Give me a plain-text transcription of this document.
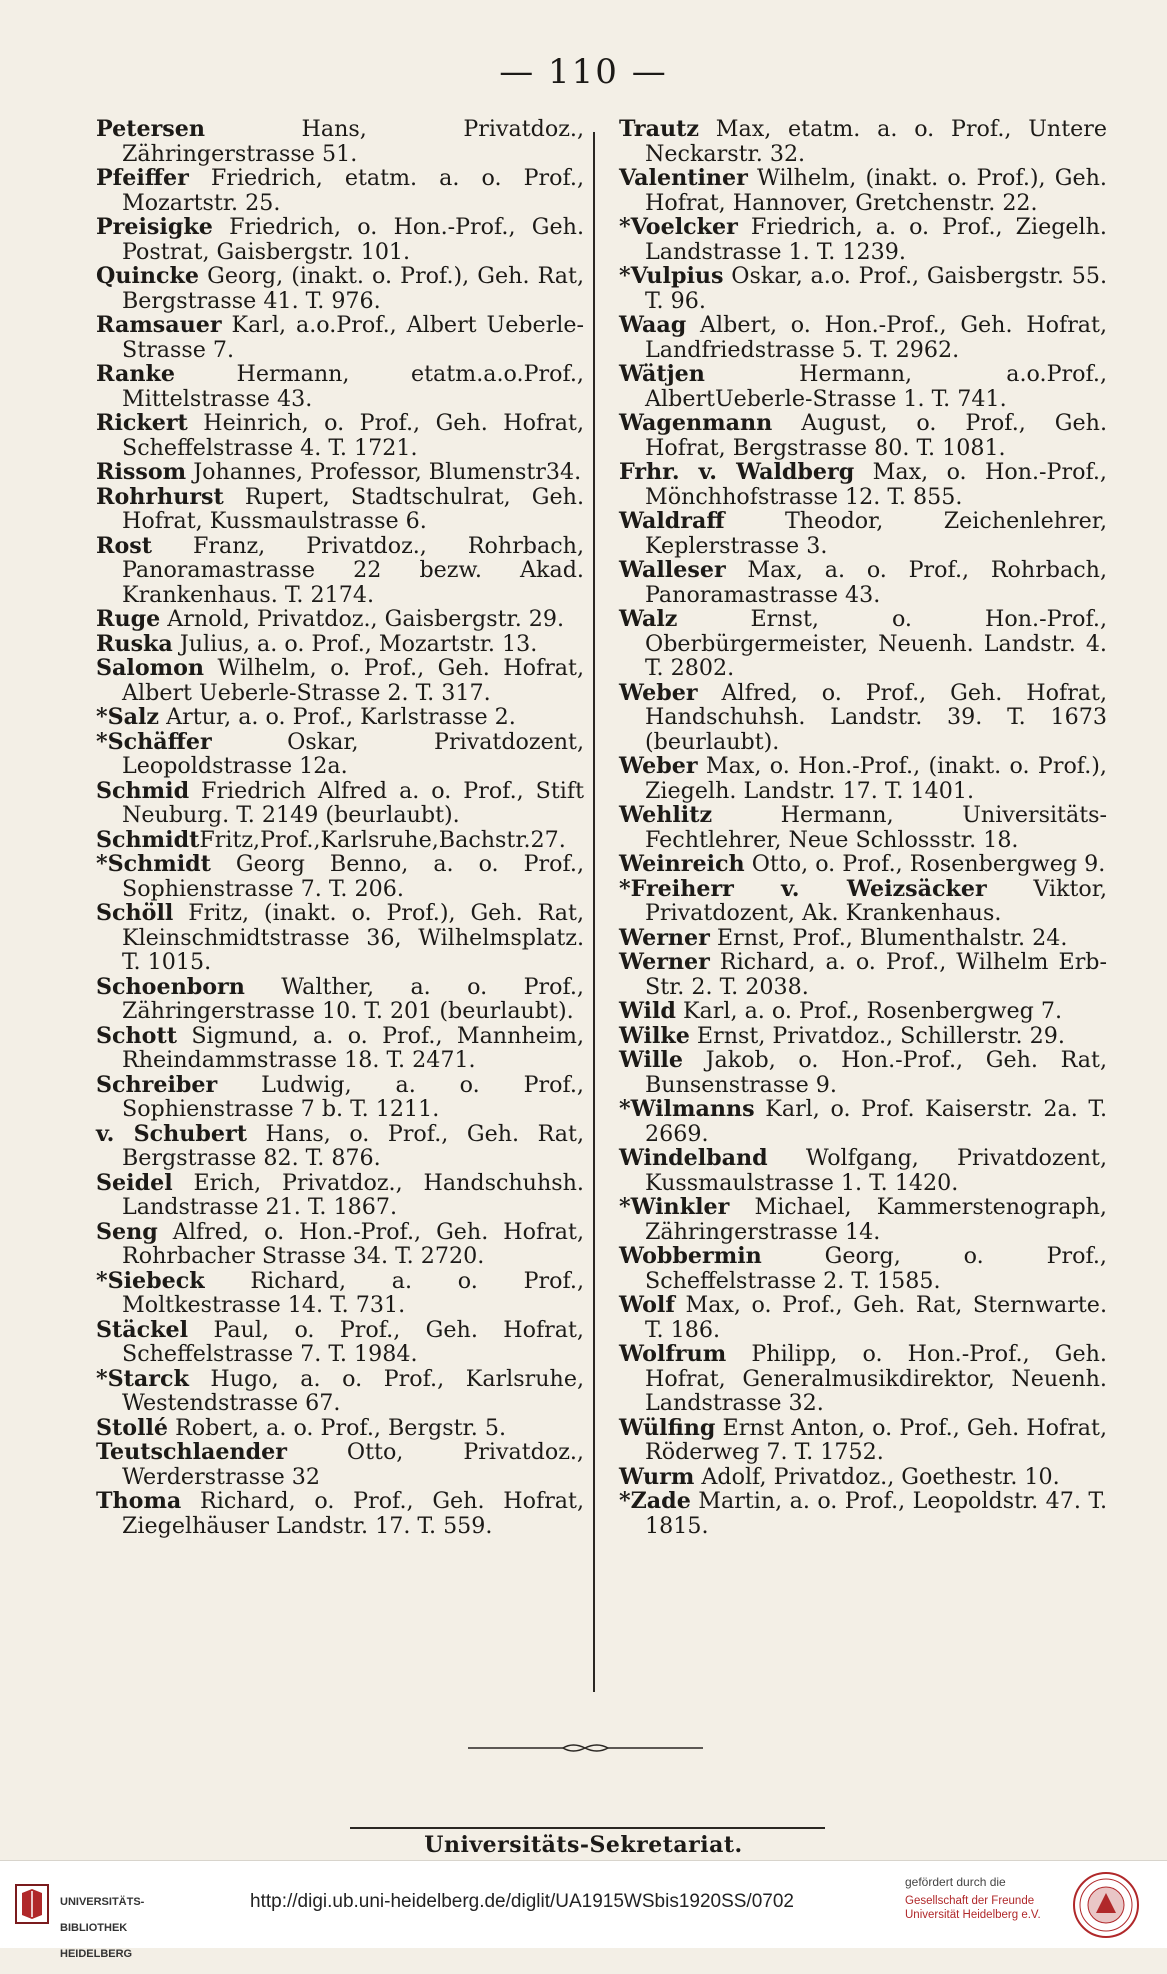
— 110 —

Petersen Hans, Privatdoz., Zähringerstrasse 51.

Pfeiffer Friedrich, etatm. a. o. Prof., Mozartstr. 25.

Preisigke Friedrich, o. Hon.-Prof., Geh. Postrat, Gaisbergstr. 101.

Quincke Georg, (inakt. o. Prof.), Geh. Rat, Bergstrasse 41. T. 976.

Ramsauer Karl, a.o.Prof., Albert Ueberle-Strasse 7.

Ranke Hermann, etatm.a.o.Prof., Mittelstrasse 43.

Rickert Heinrich, o. Prof., Geh. Hofrat, Scheffelstrasse 4. T. 1721.

Rissom Johannes, Professor, Blumenstr34.

Rohrhurst Rupert, Stadtschulrat, Geh. Hofrat, Kussmaulstrasse 6.

Rost Franz, Privatdoz., Rohrbach, Panoramastrasse 22 bezw. Akad. Krankenhaus. T. 2174.

Ruge Arnold, Privatdoz., Gaisbergstr. 29.

Ruska Julius, a. o. Prof., Mozartstr. 13.

Salomon Wilhelm, o. Prof., Geh. Hofrat, Albert Ueberle-Strasse 2. T. 317.

*Salz Artur, a. o. Prof., Karlstrasse 2.

*Schäffer Oskar, Privatdozent, Leopoldstrasse 12a.

Schmid Friedrich Alfred a. o. Prof., Stift Neuburg. T. 2149 (beurlaubt).

SchmidtFritz,Prof.,Karlsruhe,Bachstr.27.

*Schmidt Georg Benno, a. o. Prof., Sophienstrasse 7. T. 206.

Schöll Fritz, (inakt. o. Prof.), Geh. Rat, Kleinschmidtstrasse 36, Wilhelmsplatz. T. 1015.

Schoenborn Walther, a. o. Prof., Zähringerstrasse 10. T. 201 (beurlaubt).

Schott Sigmund, a. o. Prof., Mannheim, Rheindammstrasse 18. T. 2471.

Schreiber Ludwig, a. o. Prof., Sophienstrasse 7 b. T. 1211.

v. Schubert Hans, o. Prof., Geh. Rat, Bergstrasse 82. T. 876.

Seidel Erich, Privatdoz., Handschuhsh. Landstrasse 21. T. 1867.

Seng Alfred, o. Hon.-Prof., Geh. Hofrat, Rohrbacher Strasse 34. T. 2720.

*Siebeck Richard, a. o. Prof., Moltkestrasse 14. T. 731.

Stäckel Paul, o. Prof., Geh. Hofrat, Scheffelstrasse 7. T. 1984.

*Starck Hugo, a. o. Prof., Karlsruhe, Westendstrasse 67.

Stollé Robert, a. o. Prof., Bergstr. 5.

Teutschlaender Otto, Privatdoz., Werderstrasse 32

Thoma Richard, o. Prof., Geh. Hofrat, Ziegelhäuser Landstr. 17. T. 559.

Trautz Max, etatm. a. o. Prof., Untere Neckarstr. 32.

Valentiner Wilhelm, (inakt. o. Prof.), Geh. Hofrat, Hannover, Gretchenstr. 22.

*Voelcker Friedrich, a. o. Prof., Ziegelh. Landstrasse 1. T. 1239.

*Vulpius Oskar, a.o. Prof., Gaisbergstr. 55. T. 96.

Waag Albert, o. Hon.-Prof., Geh. Hofrat, Landfriedstrasse 5. T. 2962.

Wätjen Hermann, a.o.Prof., AlbertUeberle-Strasse 1. T. 741.

Wagenmann August, o. Prof., Geh. Hofrat, Bergstrasse 80. T. 1081.

Frhr. v. Waldberg Max, o. Hon.-Prof., Mönchhofstrasse 12. T. 855.

Waldraff Theodor, Zeichenlehrer, Keplerstrasse 3.

Walleser Max, a. o. Prof., Rohrbach, Panoramastrasse 43.

Walz Ernst, o. Hon.-Prof., Oberbürgermeister, Neuenh. Landstr. 4. T. 2802.

Weber Alfred, o. Prof., Geh. Hofrat, Handschuhsh. Landstr. 39. T. 1673 (beurlaubt).

Weber Max, o. Hon.-Prof., (inakt. o. Prof.), Ziegelh. Landstr. 17. T. 1401.

Wehlitz Hermann, Universitäts-Fechtlehrer, Neue Schlossstr. 18.

Weinreich Otto, o. Prof., Rosenbergweg 9.

*Freiherr v. Weizsäcker Viktor, Privatdozent, Ak. Krankenhaus.

Werner Ernst, Prof., Blumenthalstr. 24.

Werner Richard, a. o. Prof., Wilhelm Erb-Str. 2. T. 2038.

Wild Karl, a. o. Prof., Rosenbergweg 7.

Wilke Ernst, Privatdoz., Schillerstr. 29.

Wille Jakob, o. Hon.-Prof., Geh. Rat, Bunsenstrasse 9.

*Wilmanns Karl, o. Prof. Kaiserstr. 2a. T. 2669.

Windelband Wolfgang, Privatdozent, Kussmaulstrasse 1. T. 1420.

*Winkler Michael, Kammerstenograph, Zähringerstrasse 14.

Wobbermin Georg, o. Prof., Scheffelstrasse 2. T. 1585.

Wolf Max, o. Prof., Geh. Rat, Sternwarte. T. 186.

Wolfrum Philipp, o. Hon.-Prof., Geh. Hofrat, Generalmusikdirektor, Neuenh. Landstrasse 32.

Wülfing Ernst Anton, o. Prof., Geh. Hofrat, Röderweg 7. T. 1752.

Wurm Adolf, Privatdoz., Goethestr. 10.

*Zade Martin, a. o. Prof., Leopoldstr. 47. T. 1815.

Universitäts-Sekretariat.

UNIVERSITÄTS-

BIBLIOTHEK

HEIDELBERG

http://digi.ub.uni-heidelberg.de/diglit/UA1915WSbis1920SS/0702
gefördert durch die
Gesellschaft der Freunde
Universität Heidelberg e.V.
